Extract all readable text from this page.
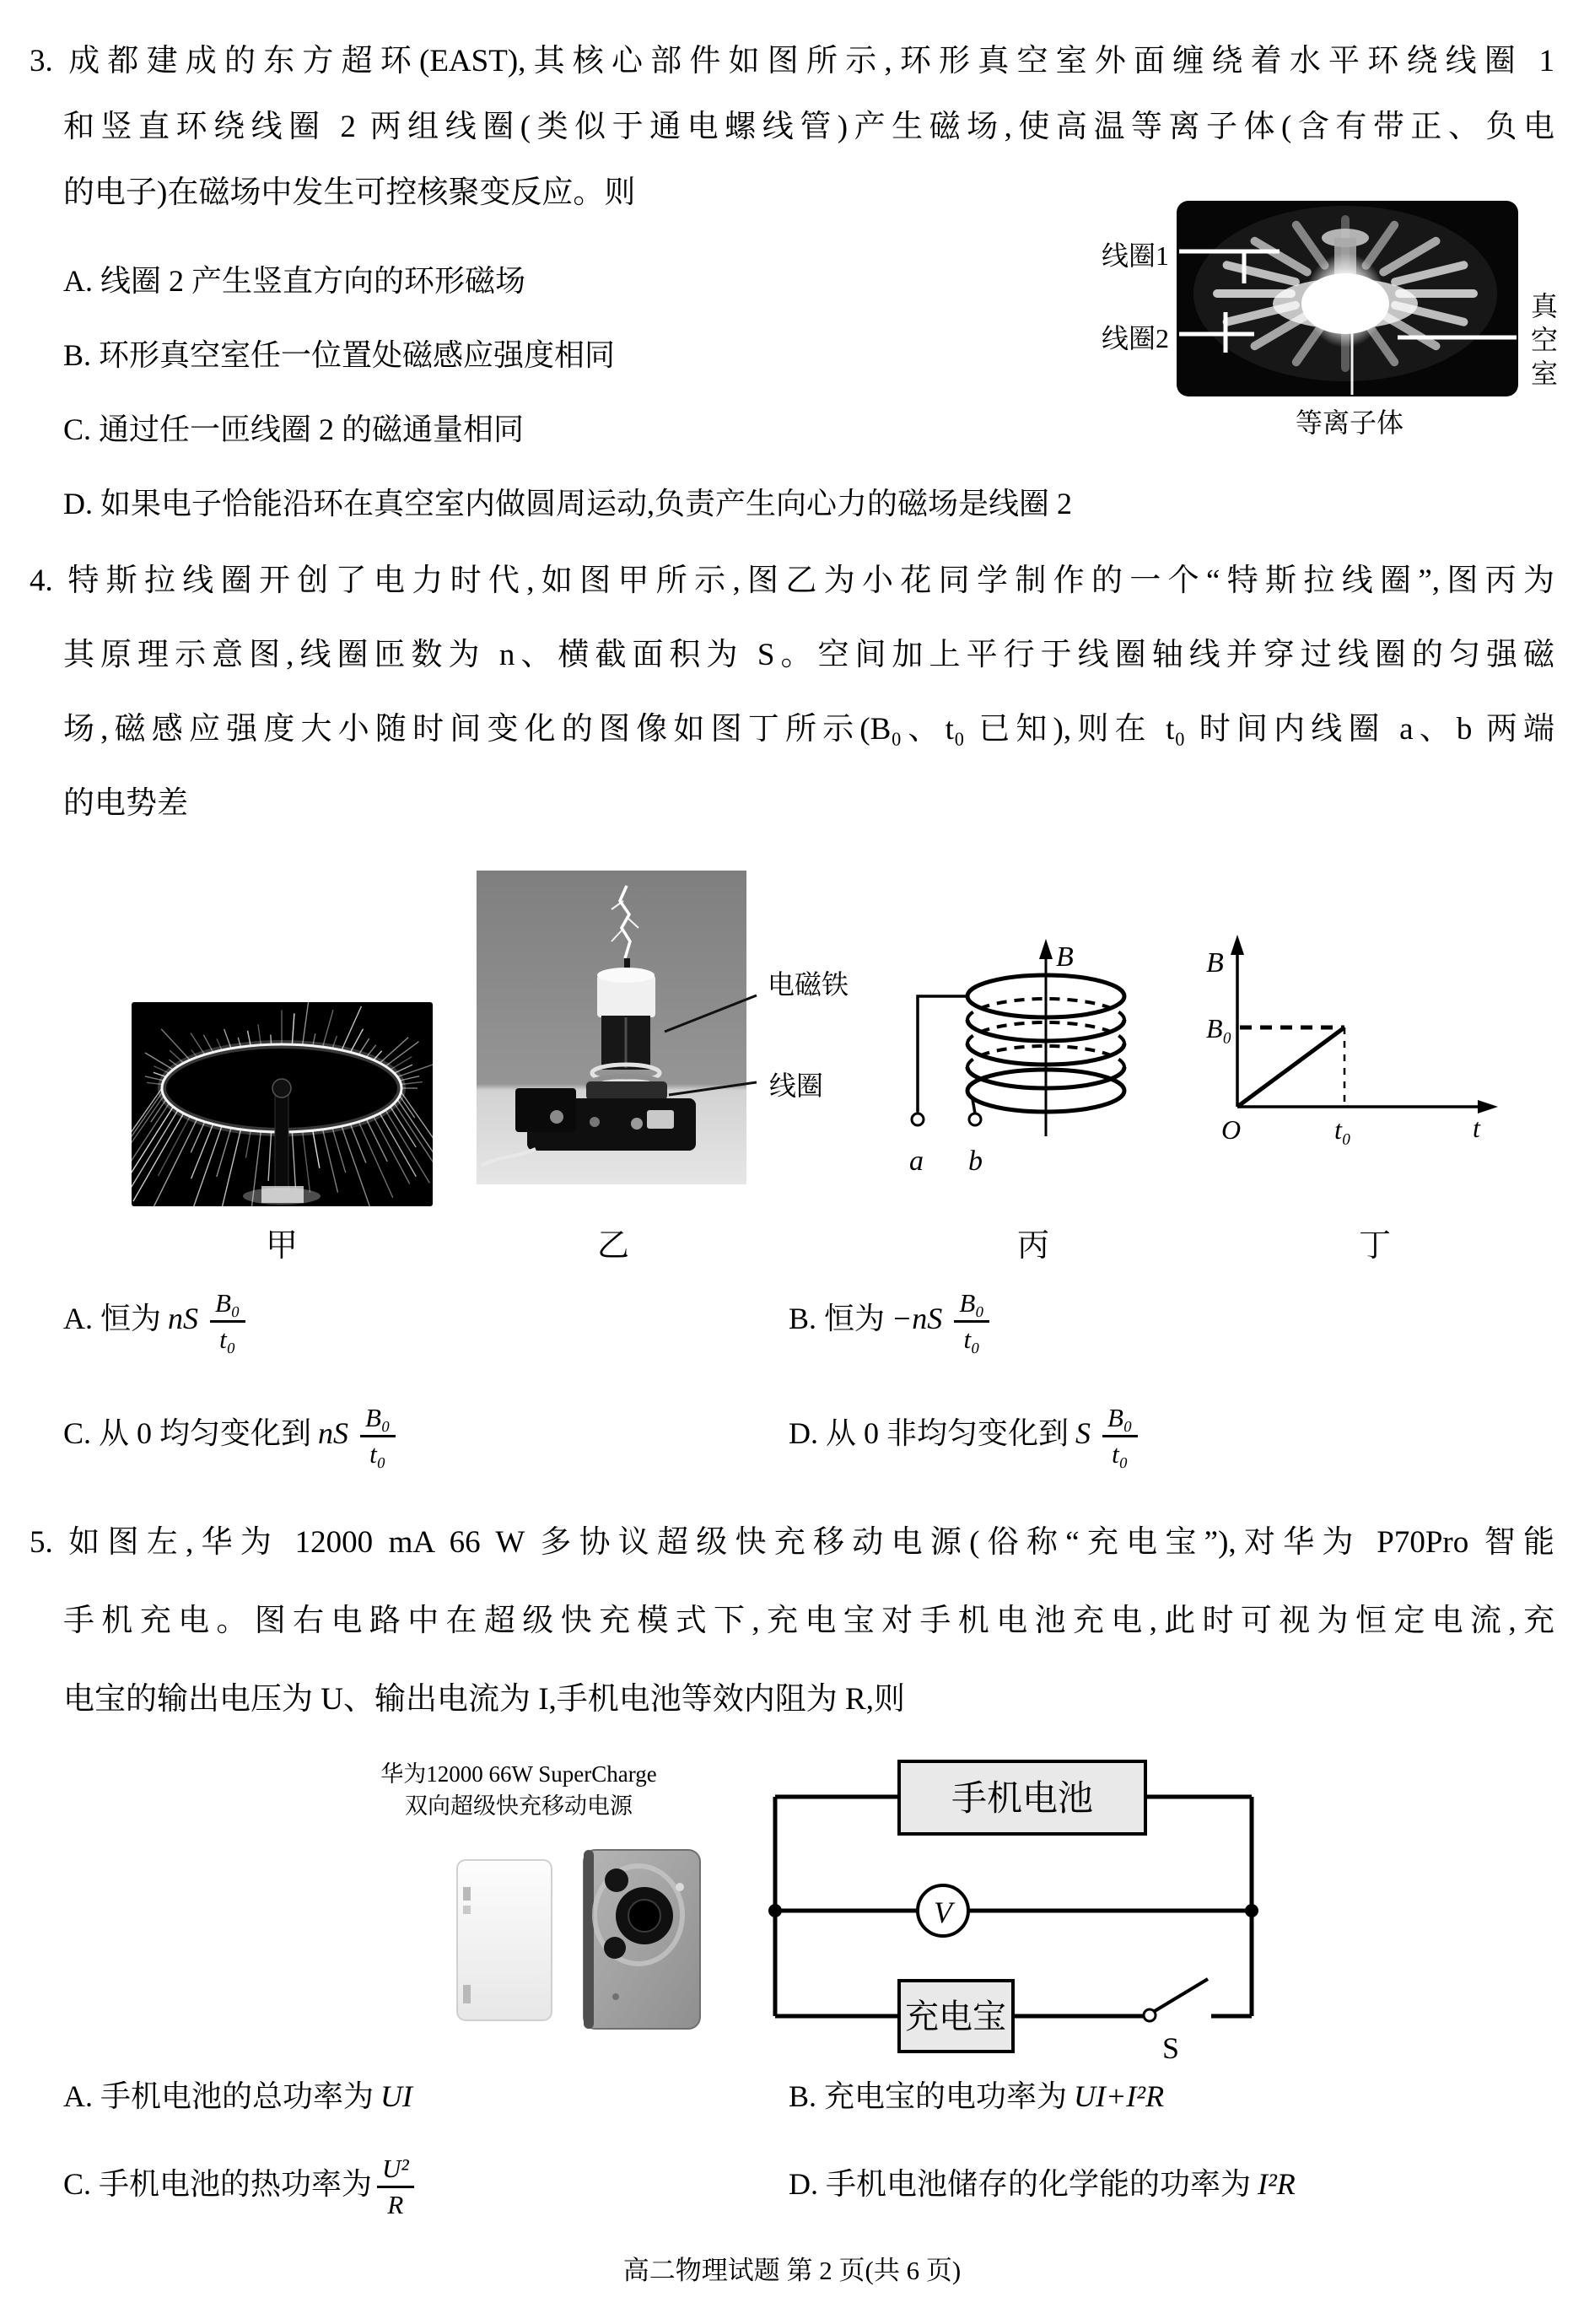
3. 成都建成的东方超环(EAST),其核心部件如图所示,环形真空室外面缠绕着水平环绕线圈 1
和竖直环绕线圈 2 两组线圈(类似于通电螺线管)产生磁场,使高温等离子体(含有带正、负电
的电子)在磁场中发生可控核聚变反应。则
A. 线圈 2 产生竖直方向的环形磁场
B. 环形真空室任一位置处磁感应强度相同
C. 通过任一匝线圈 2 的磁通量相同
D. 如果电子恰能沿环在真空室内做圆周运动,负责产生向心力的磁场是线圈 2
线圈1
线圈2	真空室
等离子体
4. 特斯拉线圈开创了电力时代,如图甲所示,图乙为小花同学制作的一个“特斯拉线圈”,图丙为
其原理示意图,线圈匝数为 n、横截面积为 S。空间加上平行于线圈轴线并穿过线圈的匀强磁
场,磁感应强度大小随时间变化的图像如图丁所示(B₀、t₀ 已知),则在 t₀ 时间内线圈 a、b 两端
的电势差
电磁铁
线圈
B
a b
B
B₀
O	t₀	t
甲	乙	丙	丁
A. 恒为 nS $\frac{\text{B₀}}{\text{t₀}}$	B. 恒为 $-nS \frac{\text{B₀}}{\text{t₀}}$
C. 从 0 均匀变化到 nS $\frac{\text{B₀}}{\text{t₀}}$	D. 从 0 非均匀变化到 S $\frac{\text{B₀}}{\text{t₀}}$
5. 如图左,华为 12000 mA 66 W 多协议超级快充移动电源(俗称“充电宝”),对华为 P70Pro 智能
手机充电。图右电路中在超级快充模式下,充电宝对手机电池充电,此时可视为恒定电流,充
电宝的输出电压为 U、输出电流为 I,手机电池等效内阻为 R,则
华为12000 66W SuperCharge
双向超级快充移动电源	手机电池
V
充电宝
S
A. 手机电池的总功率为 UI	B. 充电宝的电功率为 UI+I²R
C. 手机电池的热功率为 $\frac{\text{U²}}{R}$	D. 手机电池储存的化学能的功率为 I²R
高二物理试题 第 2 页(共 6 页)
